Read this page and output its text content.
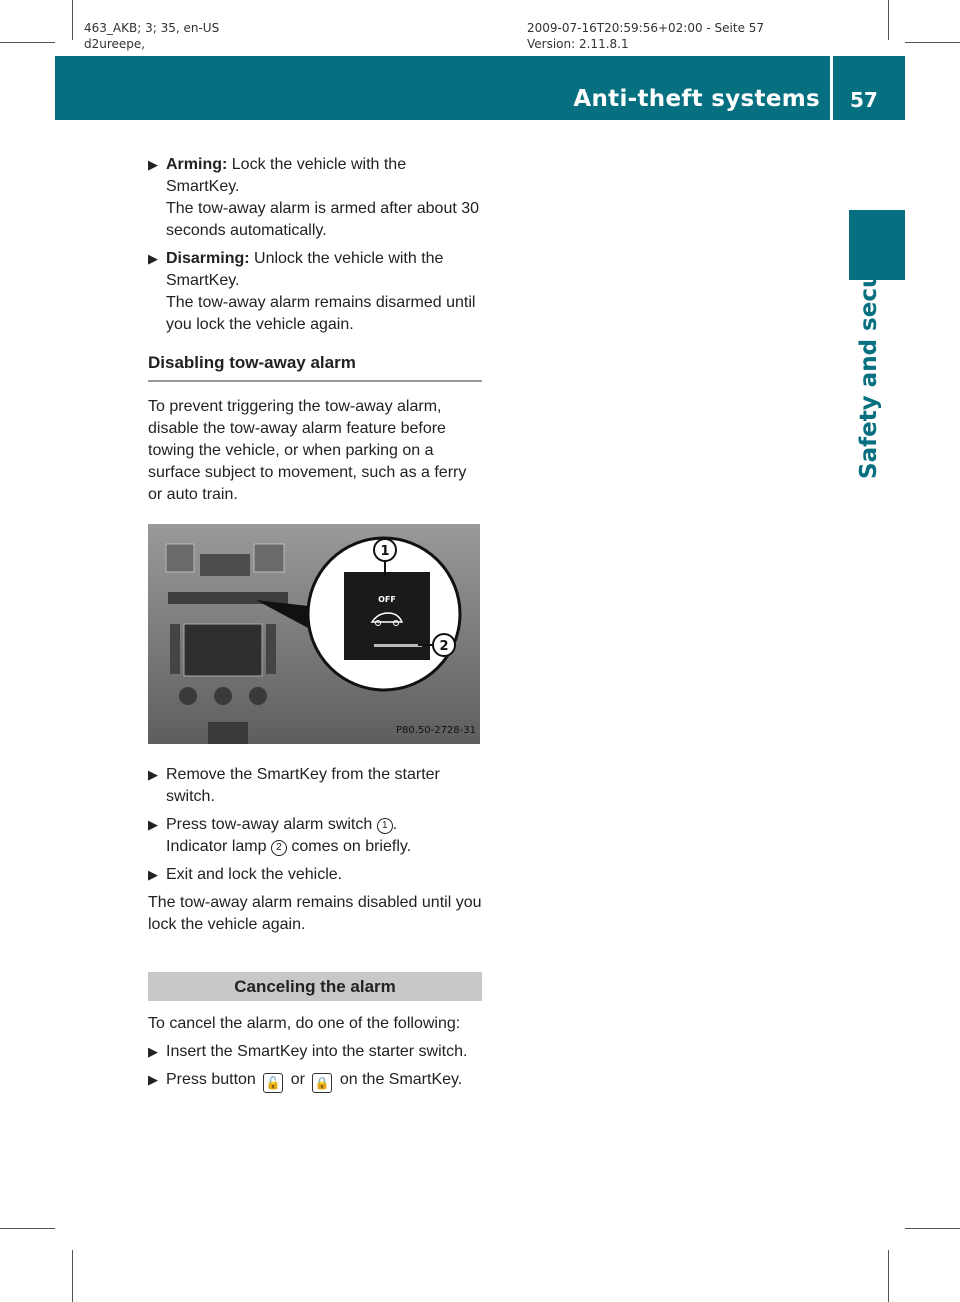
463_AKB; 3; 35, en-US
d2ureepe,
2009-07-16T20:59:56+02:00 - Seite 57
Version: 2.11.8.1
Anti-theft systems 57
Safety and security
▶ Arming: Lock the vehicle with the SmartKey.
The tow-away alarm is armed after about 30 seconds automatically.
▶ Disarming: Unlock the vehicle with the SmartKey.
The tow-away alarm remains disarmed until you lock the vehicle again.
Disabling tow-away alarm

To prevent triggering the tow-away alarm, disable the tow-away alarm feature before towing the vehicle, or when parking on a surface subject to movement, such as a ferry or auto train.

OFF
1
2
P80.50-2728-31
▶ Remove the SmartKey from the starter switch.
▶ Press tow-away alarm switch 1 .
Indicator lamp 2 comes on briefly.
▶ Exit and lock the vehicle.

The tow-away alarm remains disabled until you lock the vehicle again.

Canceling the alarm

To cancel the alarm, do one of the following:

▶ Insert the SmartKey into the starter switch.
▶ Press button 🔓 or 🔒 on the SmartKey.
